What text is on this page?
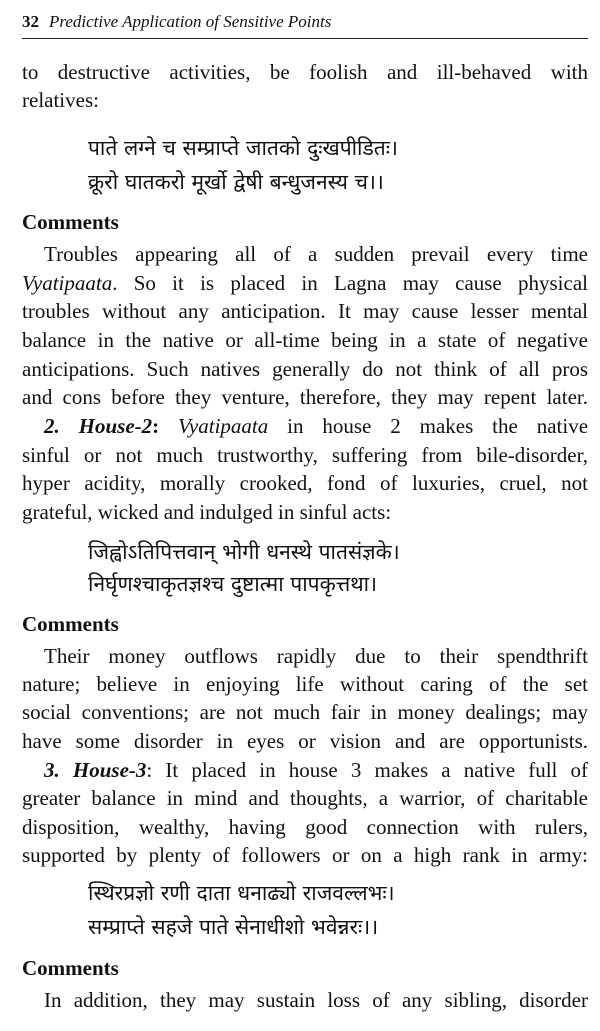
32 Predictive Application of Sensitive Points
to destructive activities, be foolish and ill-behaved with
relatives:
पाते लग्ने च सम्प्राप्ते जातको दुःखपीडितः।
क्रूरो घातकरो मूर्खो द्वेषी बन्धुजनस्य च।।
Comments
Troubles appearing all of a sudden prevail every time
Vyatipaata. So it is placed in Lagna may cause physical
troubles without any anticipation. It may cause lesser mental
balance in the native or all-time being in a state of negative
anticipations. Such natives generally do not think of all pros
and cons before they venture, therefore, they may repent later.
2. House-2: Vyatipaata in house 2 makes the native
sinful or not much trustworthy, suffering from bile-disorder,
hyper acidity, morally crooked, fond of luxuries, cruel, not
grateful, wicked and indulged in sinful acts:
जिह्वोऽतिपित्तवान् भोगी धनस्थे पातसंज्ञके।
निर्घृणश्चाकृतज्ञश्च दुष्टात्मा पापकृत्तथा।
Comments
Their money outflows rapidly due to their spendthrift
nature; believe in enjoying life without caring of the set
social conventions; are not much fair in money dealings; may
have some disorder in eyes or vision and are opportunists.
3. House-3: It placed in house 3 makes a native full of
greater balance in mind and thoughts, a warrior, of charitable
disposition, wealthy, having good connection with rulers,
supported by plenty of followers or on a high rank in army:
स्थिरप्रज्ञो रणी दाता धनाढ्यो राजवल्लभः।
सम्प्राप्ते सहजे पाते सेनाधीशो भवेन्नरः।।
Comments
In addition, they may sustain loss of any sibling, disorder
